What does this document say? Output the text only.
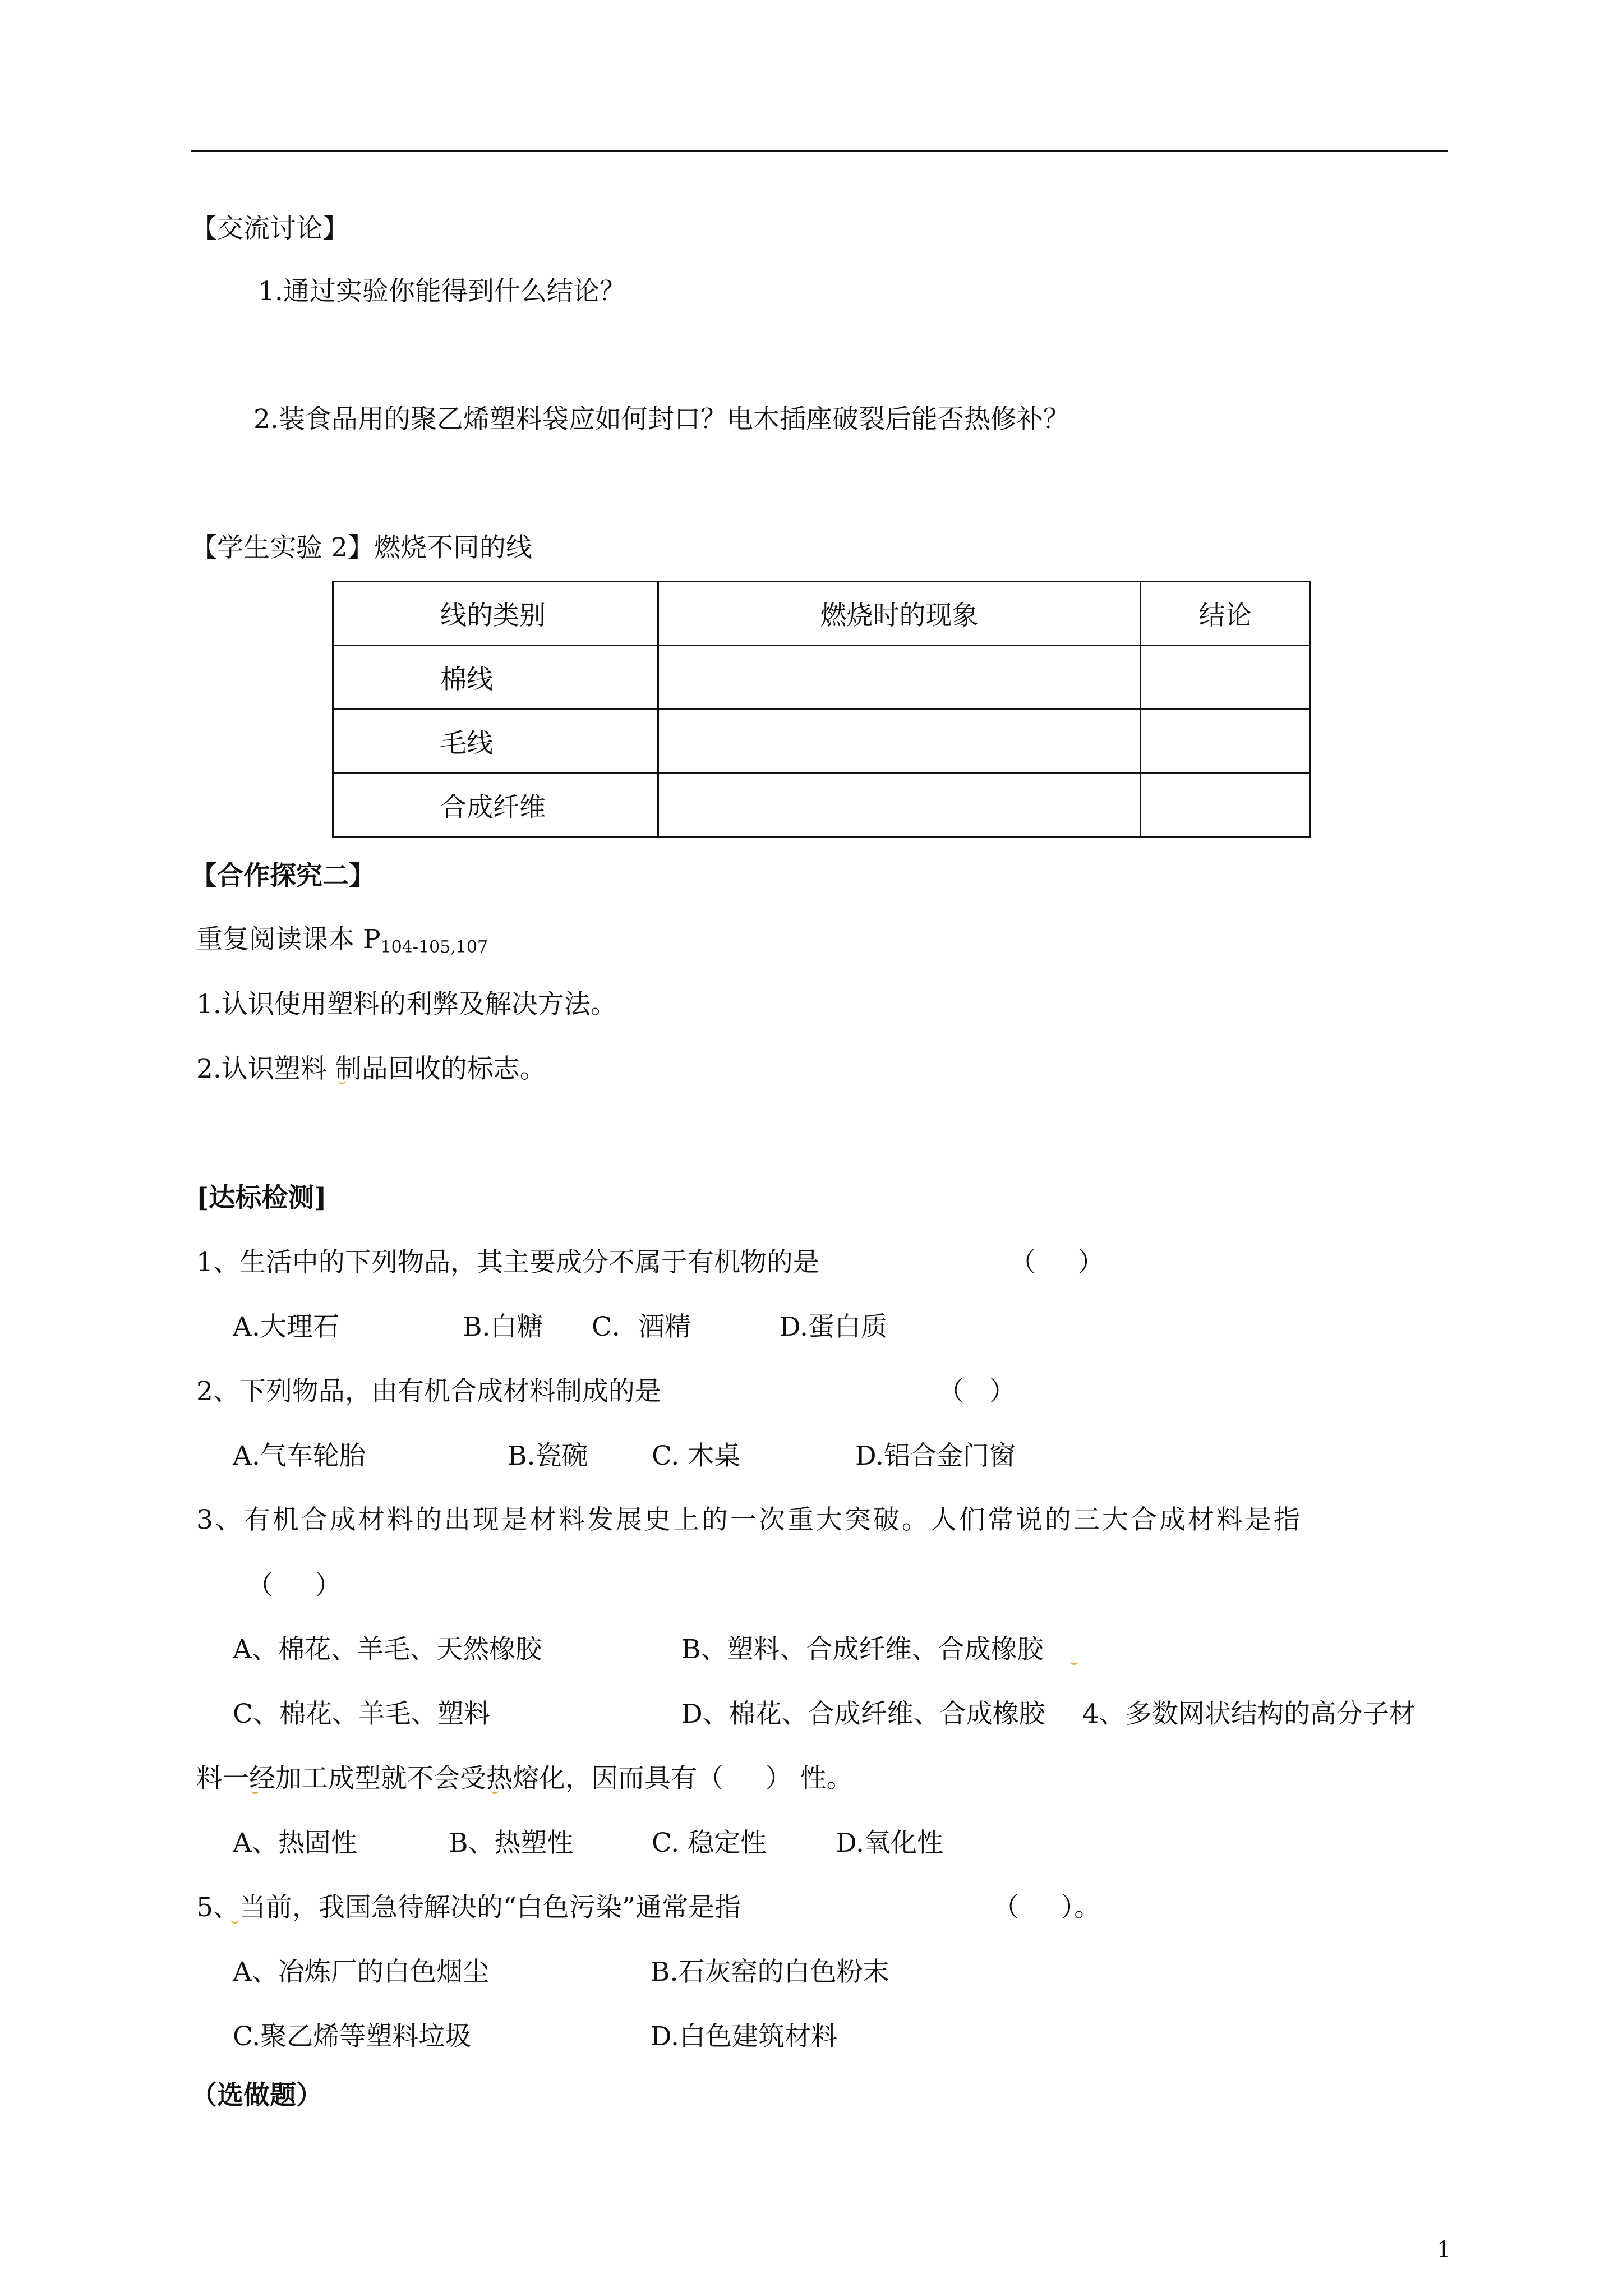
【交流讨论】
1.通过实验你能得到什么结论？
2.装食品用的聚乙烯塑料袋应如何封口？电木插座破裂后能否热修补？
【学生实验 2】燃烧不同的线
线的类别	燃烧时的现象	结论
棉线		
毛线		
合成纤维		
【合作探究二】
重复阅读课本 $P_{104-105,107}$
1.认识使用塑料的利弊及解决方法。
2.认识塑料 制品回收的标志。
[达标检测]
1、生活中的下列物品，其主要成分不属于有机物的是	（     ）
A.大理石	B.白糖 C．酒精	D.蛋白质
2、下列物品，由有机合成材料制成的是	（   ）
A.气车轮胎	B.瓷碗 C. 木桌	D.铝合金门窗
3、有机合成材料的出现是材料发展史上的一次重大突破。人们常说的三大合成材料是指
（     ）
A、棉花、羊毛、天然橡胶	B、塑料、合成纤维、合成橡胶
C、棉花、羊毛、塑料	D、棉花、合成纤维、合成橡胶 4、多数网状结构的高分子材
料一经加工成型就不会受热熔化，因而具有（     ） 性。
A、热固性	B、热塑性	C. 稳定性	D.氧化性
5、当前，我国急待解决的“白色污染”通常是指	（     ）。
A、冶炼厂的白色烟尘	B.石灰窑的白色粉末
C.聚乙烯等塑料垃圾	D.白色建筑材料
（选做题）
1
